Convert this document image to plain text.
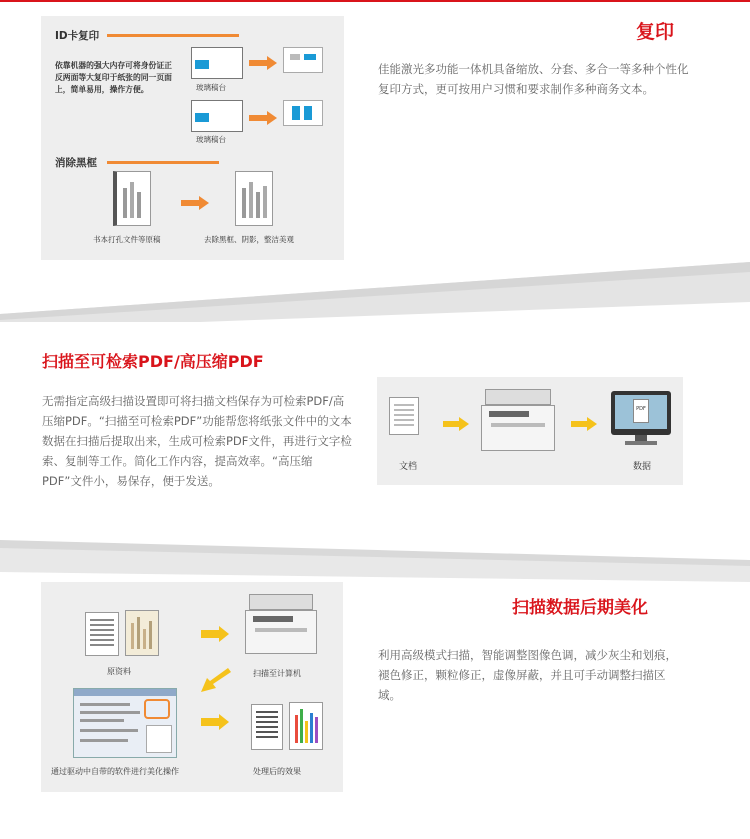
ID卡复印
依靠机器的强大内存可将身份证正反两面等大复印于纸张的同一页面上，简单易用，操作方便。	玻璃稿台
玻璃稿台
消除黑框
书本打孔文件等原稿	去除黑框、阴影，整洁美观
复印
佳能激光多功能一体机具备缩放、分套、多合一等多种个性化复印方式，更可按用户习惯和要求制作多种商务文本。
扫描至可检索PDF/高压缩PDF
无需指定高级扫描设置即可将扫描文档保存为可检索PDF/高压缩PDF。“扫描至可检索PDF”功能帮您将纸张文件中的文本数据在扫描后提取出来，生成可检索PDF文件，再进行文字检索、复制等工作。简化工作内容，提高效率。“高压缩PDF”文件小，易保存，便于发送。
文档
PDF
数据
原资料	扫描至计算机
通过驱动中自带的软件进行美化操作	处理后的效果
扫描数据后期美化
利用高级模式扫描，智能调整图像色调，减少灰尘和划痕，褪色修正，颗粒修正，虚像屏蔽，并且可手动调整扫描区域。
